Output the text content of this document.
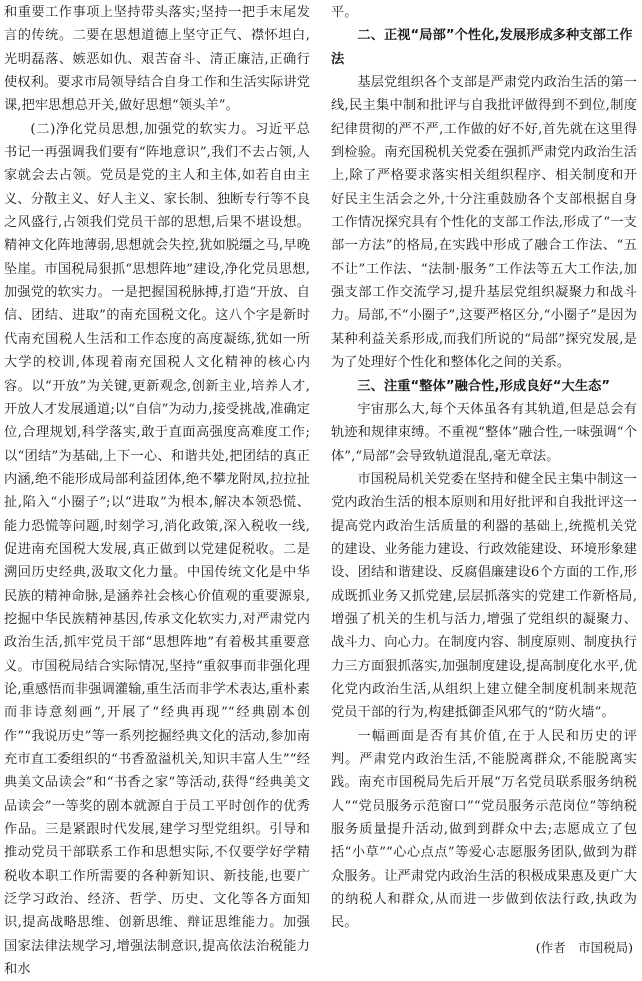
和重要工作事项上坚持带头落实;坚持一把手末尾发言的传统。二要在思想道德上坚守正气、襟怀坦白,光明磊落、嫉恶如仇、艰苦奋斗、清正廉洁,正确行使权利。要求市局领导结合自身工作和生活实际讲党课,把牢思想总开关,做好思想“领头羊”。

(二)净化党员思想,加强党的软实力。习近平总书记一再强调我们要有“阵地意识”,我们不去占领,人家就会去占领。党员是党的主人和主体,如若自由主义、分散主义、好人主义、家长制、独断专行等不良之风盛行,占领我们党员干部的思想,后果不堪设想。精神文化阵地薄弱,思想就会失控,犹如脱缰之马,早晚坠崖。市国税局狠抓“思想阵地”建设,净化党员思想,加强党的软实力。一是把握国税脉搏,打造“开放、自信、团结、进取”的南充国税文化。这八个字是新时代南充国税人生活和工作态度的高度凝练,犹如一所大学的校训,体现着南充国税人文化精神的核心内容。以“开放”为关键,更新观念,创新主业,培养人才,开放人才发展通道;以“自信”为动力,接受挑战,准确定位,合理规划,科学落实,敢于直面高强度高难度工作;以“团结”为基础,上下一心、和谐共处,把团结的真正内涵,绝不能形成局部利益团体,绝不攀龙附凤,拉拉扯扯,陷入“小圈子”;以“进取”为根本,解决本领恐慌、能力恐慌等问题,时刻学习,消化政策,深入税收一线,促进南充国税大发展,真正做到以党建促税收。二是溯回历史经典,汲取文化力量。中国传统文化是中华民族的精神命脉,是涵养社会核心价值观的重要源泉,挖掘中华民族精神基因,传承文化软实力,对严肃党内政治生活,抓牢党员干部“思想阵地”有着极其重要意义。市国税局结合实际情况,坚持“重叙事而非强化理论,重感悟而非强调灌输,重生活而非学术表达,重朴素而非诗意刻画”,开展了“经典再现”“经典剧本创作”“我说历史”等一系列挖掘经典文化的活动,参加南充市直工委组织的“书香盈溢机关,知识丰富人生”“经典美文品读会”和“书香之家”等活动,获得“经典美文品读会”一等奖的剧本就源自于员工平时创作的优秀作品。三是紧跟时代发展,建学习型党组织。引导和推动党员干部联系工作和思想实际,不仅要学好学精税收本职工作所需要的各种新知识、新技能,也要广泛学习政治、经济、哲学、历史、文化等各方面知识,提高战略思维、创新思维、辩证思维能力。加强国家法律法规学习,增强法制意识,提高依法治税能力和水

平。

二、正视“局部”个性化,发展形成多种支部工作法

基层党组织各个支部是严肃党内政治生活的第一线,民主集中制和批评与自我批评做得到不到位,制度纪律贯彻的严不严,工作做的好不好,首先就在这里得到检验。南充国税机关党委在强抓严肃党内政治生活上,除了严格要求落实相关组织程序、相关制度和开好民主生活会之外,十分注重鼓励各个支部根据自身工作情况探究具有个性化的支部工作法,形成了“一支部一方法”的格局,在实践中形成了融合工作法、“五不让”工作法、“法制·服务”工作法等五大工作法,加强支部工作交流学习,提升基层党组织凝聚力和战斗力。局部,不“小圈子”,这要严格区分,“小圈子”是因为某种利益关系形成,而我们所说的“局部”探究发展,是为了处理好个性化和整体化之间的关系。

三、注重“整体”融合性,形成良好“大生态”

宇宙那么大,每个天体虽各有其轨道,但是总会有轨迹和规律束缚。不重视“整体”融合性,一味强调“个体”,“局部”会导致轨道混乱,毫无章法。

市国税局机关党委在坚持和健全民主集中制这一党内政治生活的根本原则和用好批评和自我批评这一提高党内政治生活质量的利器的基础上,统揽机关党的建设、业务能力建设、行政效能建设、环境形象建设、团结和谐建设、反腐倡廉建设6个方面的工作,形成既抓业务又抓党建,层层抓落实的党建工作新格局,增强了机关的生机与活力,增强了党组织的凝聚力、战斗力、向心力。在制度内容、制度原则、制度执行力三方面狠抓落实,加强制度建设,提高制度化水平,优化党内政治生活,从组织上建立健全制度机制来规范党员干部的行为,构建抵御歪风邪气的“防火墙”。

一幅画面是否有其价值,在于人民和历史的评判。严肃党内政治生活,不能脱离群众,不能脱离实践。南充市国税局先后开展“万名党员联系服务纳税人”“党员服务示范窗口”“党员服务示范岗位”等纳税服务质量提升活动,做到到群众中去;志愿成立了包括“小草”“心心点点”等爱心志愿服务团队,做到为群众服务。让严肃党内政治生活的积极成果惠及更广大的纳税人和群众,从而进一步做到依法行政,执政为民。

(作者　市国税局)
